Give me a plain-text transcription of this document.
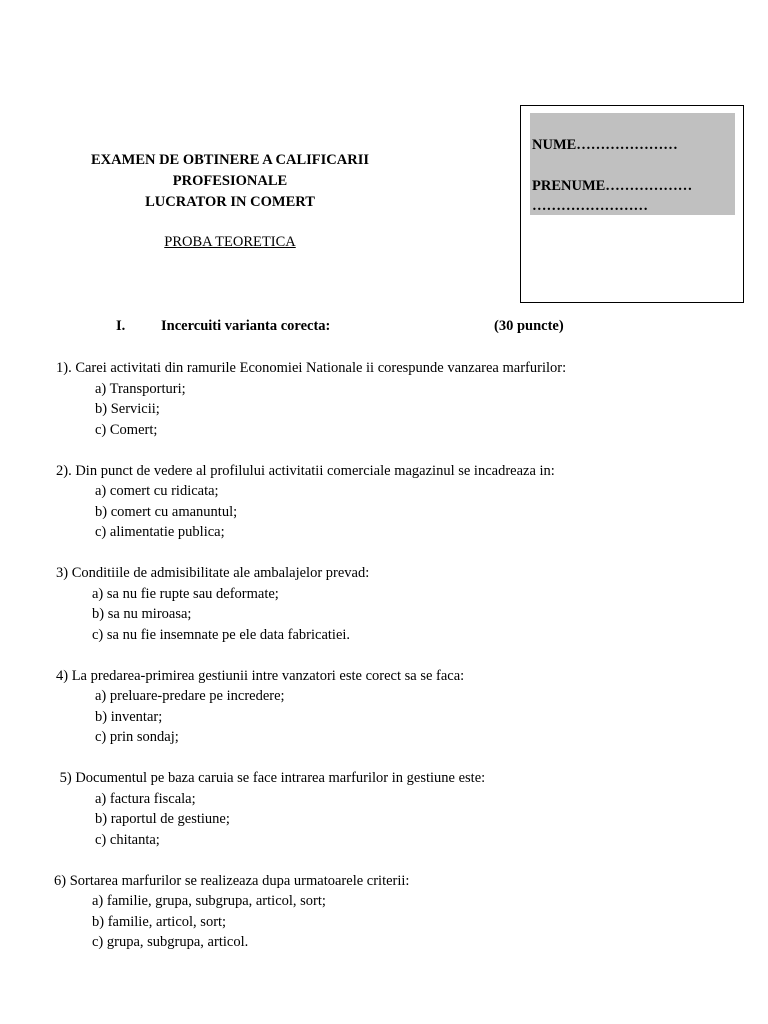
EXAMEN DE OBTINERE A CALIFICARII
PROFESIONALE
LUCRATOR IN COMERT
PROBA TEORETICA
NUME…………………
PRENUME………………
……………………
I. Incercuiti varianta corecta:	(30 puncte)
1). Carei activitati din ramurile Economiei Nationale ii corespunde vanzarea marfurilor:
a) Transporturi;
b) Servicii;
c) Comert;
2). Din punct de vedere al profilului activitatii comerciale magazinul se incadreaza in:
a) comert cu ridicata;
b) comert cu amanuntul;
c) alimentatie publica;
3) Conditiile de admisibilitate ale ambalajelor prevad:
a) sa nu fie rupte sau deformate;
b) sa nu miroasa;
c) sa nu fie insemnate pe ele data fabricatiei.
4) La predarea-primirea gestiunii intre vanzatori este corect sa se faca:
a) preluare-predare pe incredere;
b) inventar;
c) prin sondaj;
5) Documentul pe baza caruia se face intrarea marfurilor in gestiune este:
a) factura fiscala;
b) raportul de gestiune;
c) chitanta;
6) Sortarea marfurilor se realizeaza dupa urmatoarele criterii:
a) familie, grupa, subgrupa, articol, sort;
b) familie, articol, sort;
c) grupa, subgrupa, articol.
